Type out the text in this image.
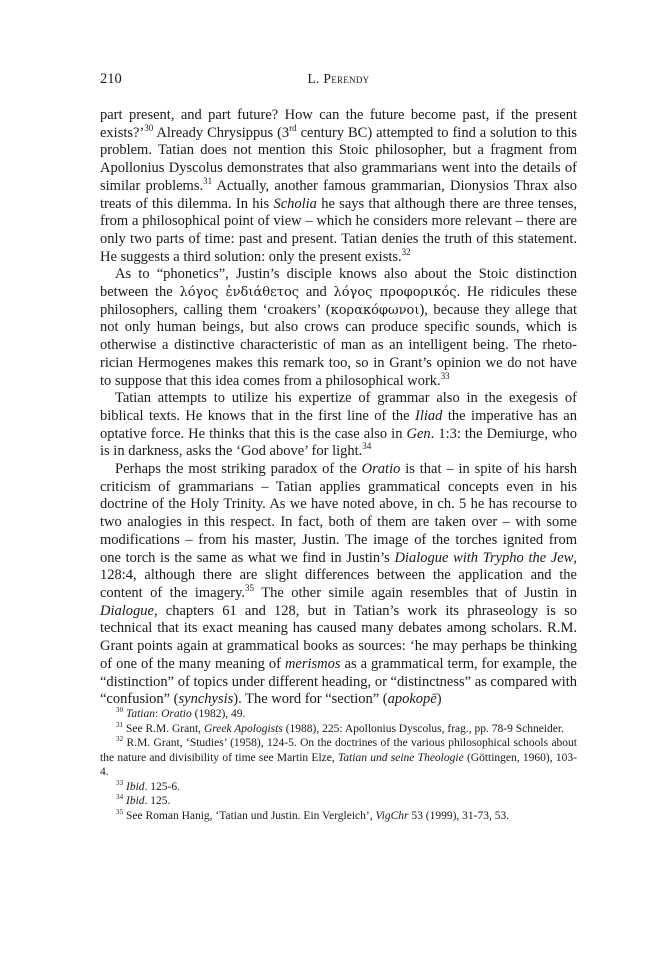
210	L. Perendy

part present, and part future? How can the future become past, if the present exists?’$^{30}$ Already Chrysippus (3rd century BC) attempted to find a solution to this problem. Tatian does not mention this Stoic philosopher, but a fragment from Apollonius Dyscolus demonstrates that also grammarians went into the details of similar problems.$^{31}$ Actually, another famous grammarian, Dionysios Thrax also treats of this dilemma. In his Scholia he says that although there are three tenses, from a philosophical point of view – which he considers more relevant – there are only two parts of time: past and present. Tatian denies the truth of this statement. He suggests a third solution: only the present exists.$^{32}$

As to “phonetics”, Justin’s disciple knows also about the Stoic distinction between the λόγος ἐνδιάθετος and λόγος προφορικός. He ridicules these philosophers, calling them ‘croakers’ (κορακόφωνοι), because they allege that not only human beings, but also crows can produce specific sounds, which is otherwise a distinctive characteristic of man as an intelligent being. The rhetorician Hermogenes makes this remark too, so in Grant’s opinion we do not have to suppose that this idea comes from a philosophical work.$^{33}$

Tatian attempts to utilize his expertize of grammar also in the exegesis of biblical texts. He knows that in the first line of the Iliad the imperative has an optative force. He thinks that this is the case also in Gen. 1:3: the Demiurge, who is in darkness, asks the ‘God above’ for light.$^{34}$

Perhaps the most striking paradox of the Oratio is that – in spite of his harsh criticism of grammarians – Tatian applies grammatical concepts even in his doctrine of the Holy Trinity. As we have noted above, in ch. 5 he has recourse to two analogies in this respect. In fact, both of them are taken over – with some modifications – from his master, Justin. The image of the torches ignited from one torch is the same as what we find in Justin’s Dialogue with Trypho the Jew, 128:4, although there are slight differences between the application and the content of the imagery.$^{35}$ The other simile again resembles that of Justin in Dialogue, chapters 61 and 128, but in Tatian’s work its phraseology is so technical that its exact meaning has caused many debates among scholars. R.M. Grant points again at grammatical books as sources: ‘he may perhaps be thinking of one of the many meaning of merismos as a grammatical term, for example, the “distinction” of topics under different heading, or “distinctness” as compared with “confusion” (synchysis). The word for “section” (apokopē)

$^{30}$ Tatian: Oratio (1982), 49.

$^{31}$ See R.M. Grant, Greek Apologists (1988), 225: Apollonius Dyscolus, frag., pp. 78-9 Schneider.

$^{32}$ R.M. Grant, ‘Studies’ (1958), 124-5. On the doctrines of the various philosophical schools about the nature and divisibility of time see Martin Elze, Tatian und seine Theologie (Göttingen, 1960), 103-4.

$^{33}$ Ibid. 125-6.

$^{34}$ Ibid. 125.

$^{35}$ See Roman Hanig, ‘Tatian und Justin. Ein Vergleich’, VigChr 53 (1999), 31-73, 53.
